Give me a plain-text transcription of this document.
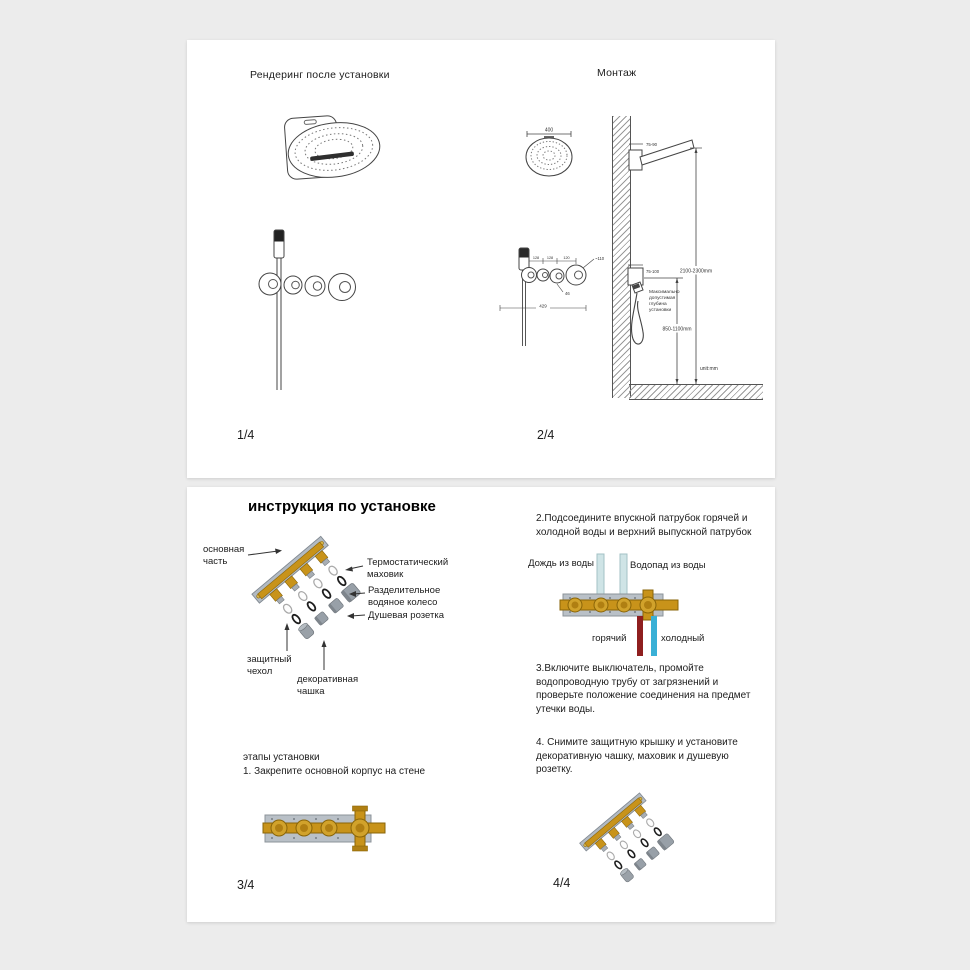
Рендеринг после установки
1/4
Монтаж
400
75-90
2100-2300mm
850-1100mm
75-100
unit:mm
128 128	120	~110
46
429
Максимально допустимая глубина установки
2/4
инструкция по установке
основная часть	Термостатический маховик
Разделительное водяное колесо
Душевая розетка
защитный чехол
декоративная чашка
этапы установки
1. Закрепите основной корпус на стене
3/4
2.Подсоедините впускной патрубок горячей и холодной воды и верхний выпускной патрубок
Дождь из воды	Водопад из воды
горячий	холодный
3.Включите выключатель, промойте водопроводную трубу от загрязнений и проверьте положение соединения на предмет утечки воды.
4. Снимите защитную крышку и установите декоративную чашку, маховик и душевую розетку.
4/4
